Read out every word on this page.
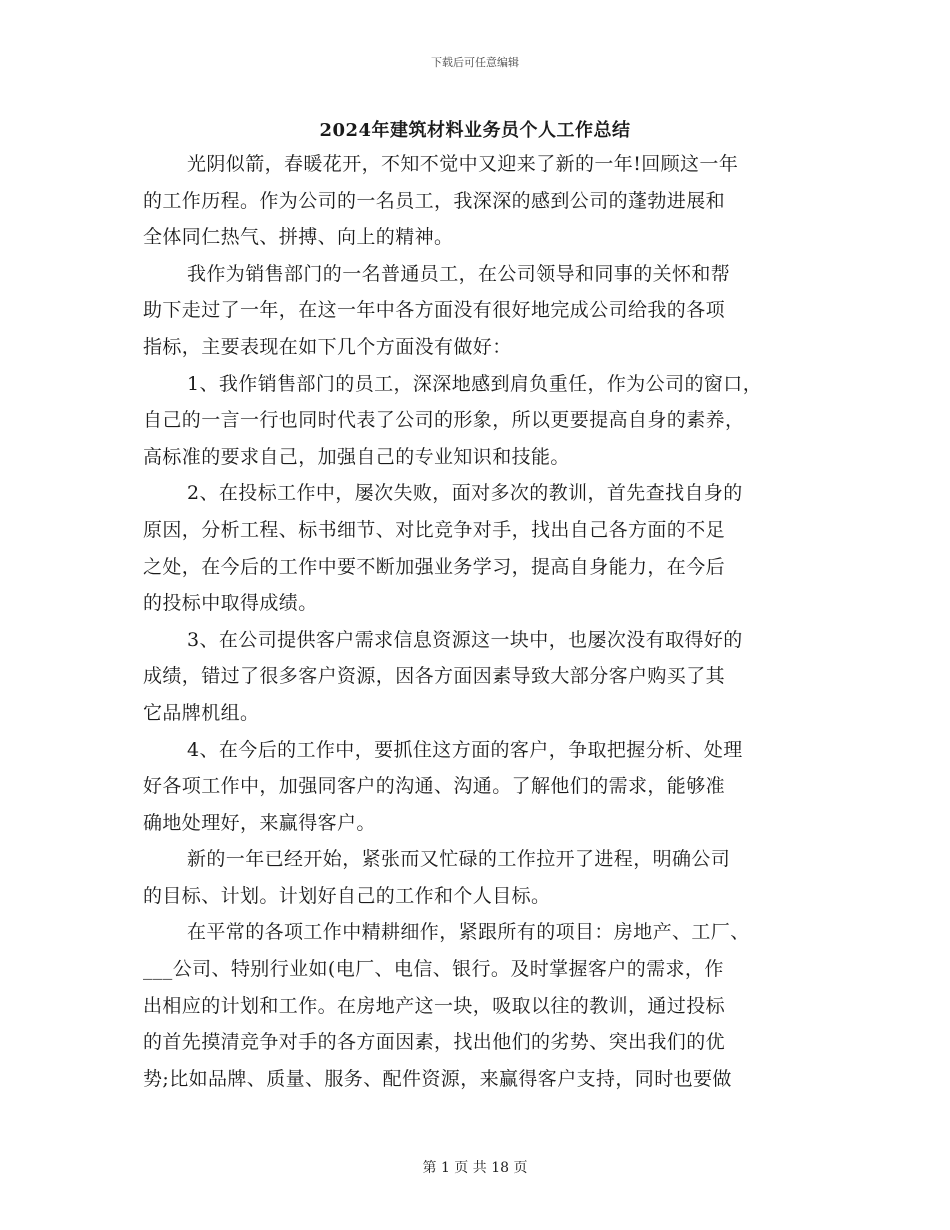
下载后可任意编辑
2024年建筑材料业务员个人工作总结
光阴似箭，春暖花开，不知不觉中又迎来了新的一年!回顾这一年
的工作历程。作为公司的一名员工，我深深的感到公司的蓬勃进展和
全体同仁热气、拼搏、向上的精神。
我作为销售部门的一名普通员工，在公司领导和同事的关怀和帮
助下走过了一年，在这一年中各方面没有很好地完成公司给我的各项
指标，主要表现在如下几个方面没有做好：
1、我作销售部门的员工，深深地感到肩负重任，作为公司的窗口，
自己的一言一行也同时代表了公司的形象，所以更要提高自身的素养，
高标准的要求自己，加强自己的专业知识和技能。
2、在投标工作中，屡次失败，面对多次的教训，首先查找自身的
原因，分析工程、标书细节、对比竞争对手，找出自己各方面的不足
之处，在今后的工作中要不断加强业务学习，提高自身能力，在今后
的投标中取得成绩。
3、在公司提供客户需求信息资源这一块中，也屡次没有取得好的
成绩，错过了很多客户资源，因各方面因素导致大部分客户购买了其
它品牌机组。
4、在今后的工作中，要抓住这方面的客户，争取把握分析、处理
好各项工作中，加强同客户的沟通、沟通。了解他们的需求，能够准
确地处理好，来赢得客户。
新的一年已经开始，紧张而又忙碌的工作拉开了进程，明确公司
的目标、计划。计划好自己的工作和个人目标。
在平常的各项工作中精耕细作，紧跟所有的项目：房地产、工厂、
___公司、特别行业如(电厂、电信、银行。及时掌握客户的需求，作
出相应的计划和工作。在房地产这一块，吸取以往的教训，通过投标
的首先摸清竞争对手的各方面因素，找出他们的劣势、突出我们的优
势;比如品牌、质量、服务、配件资源，来赢得客户支持，同时也要做
第 1 页 共 18 页
